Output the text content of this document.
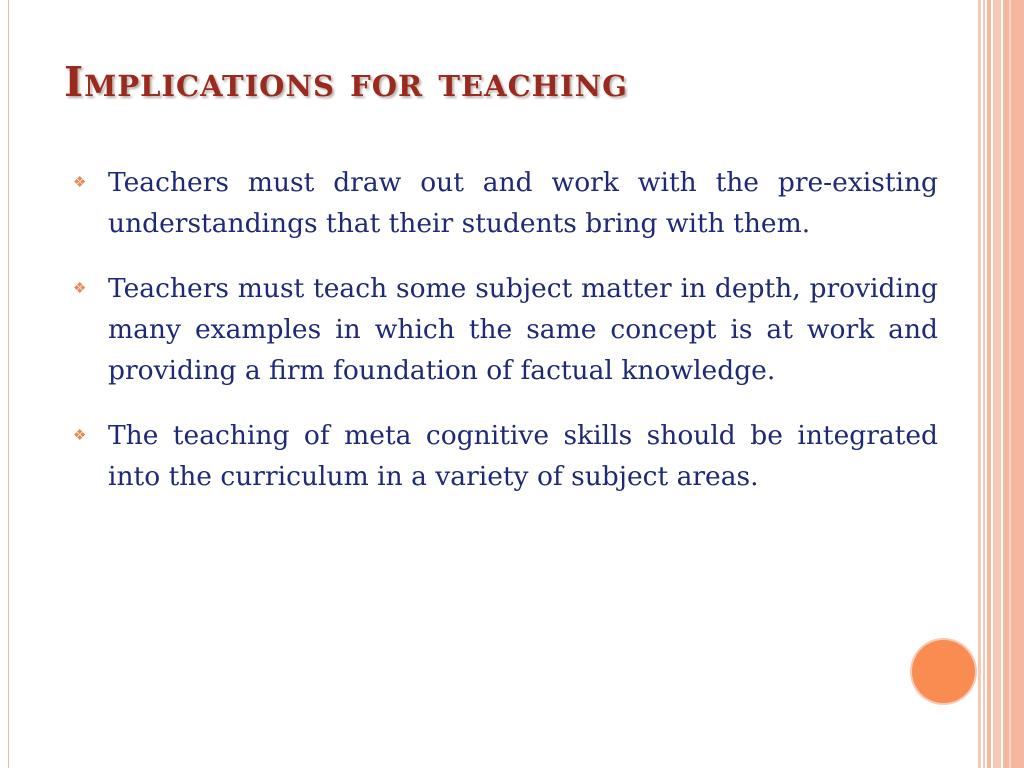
Implications for teaching
❖ Teachers must draw out and work with the pre-existing understandings that their students bring with them.
❖ Teachers must teach some subject matter in depth, providing many examples in which the same concept is at work and providing a firm foundation of factual knowledge.
❖ The teaching of meta cognitive skills should be integrated into the curriculum in a variety of subject areas.
